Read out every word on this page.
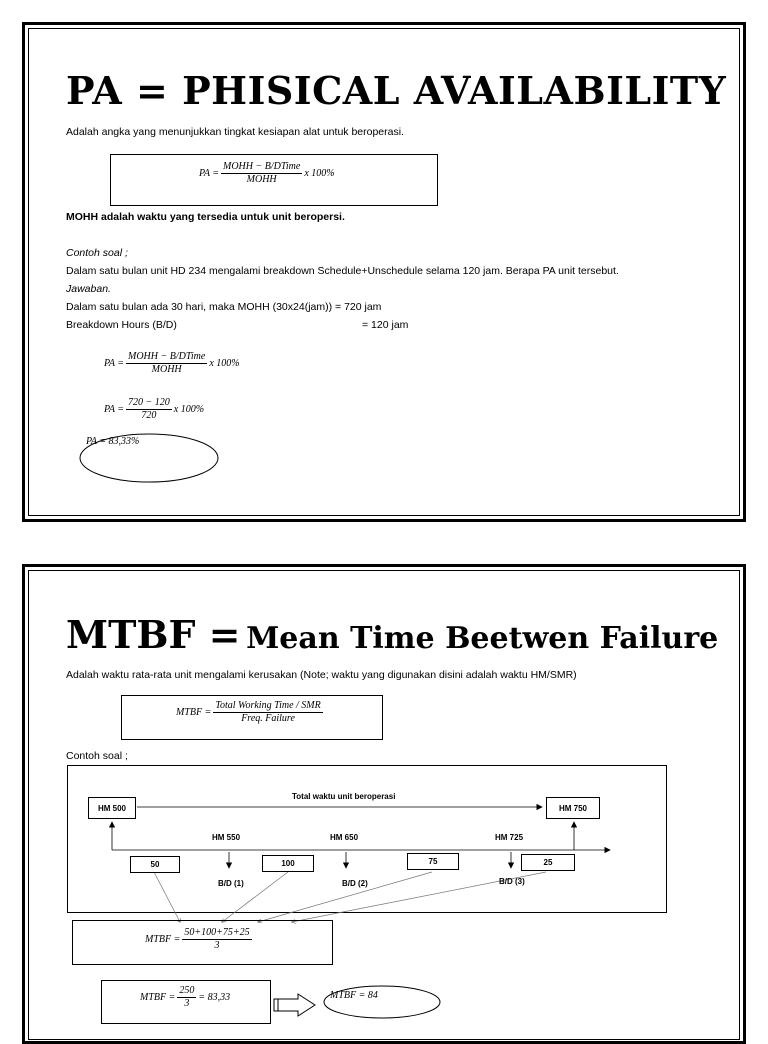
PA = PHISICAL AVAILABILITY
Adalah angka yang menunjukkan tingkat kesiapan alat untuk beroperasi.
PA = $\frac{\text{MOHH − B/DTime}}{\text{MOHH}}$ x 100%
MOHH adalah waktu yang tersedia untuk unit beropersi.
Contoh soal ;
Dalam satu bulan unit HD 234 mengalami breakdown Schedule+Unschedule selama 120 jam. Berapa PA unit tersebut.
Jawaban.
Dalam satu bulan ada 30 hari, maka MOHH (30x24(jam)) = 720 jam
Breakdown Hours (B/D)	= 120 jam
PA = $\frac{\text{MOHH − B/DTime}}{\text{MOHH}}$ x 100%
PA = $\frac{720 - 120}{720}$ x 100%
PA = 83,33%
MTBF = Mean Time Beetwen Failure
Adalah waktu rata-rata unit mengalami kerusakan (Note; waktu yang digunakan disini adalah waktu HM/SMR)
MTBF = $\frac{\text{Total Working Time / SMR}}{\text{Freq. Failure}}$
Contoh soal ;
HM 500	HM 750
Total waktu unit beroperasi
HM 550	HM 650	HM 725
50	100	75	25
B/D (1)	B/D (2)	B/D (3)
MTBF = $\frac{50+100+75+25}{3}$
MTBF = $\frac{250}{3} = 83,33$	MTBF = 84
